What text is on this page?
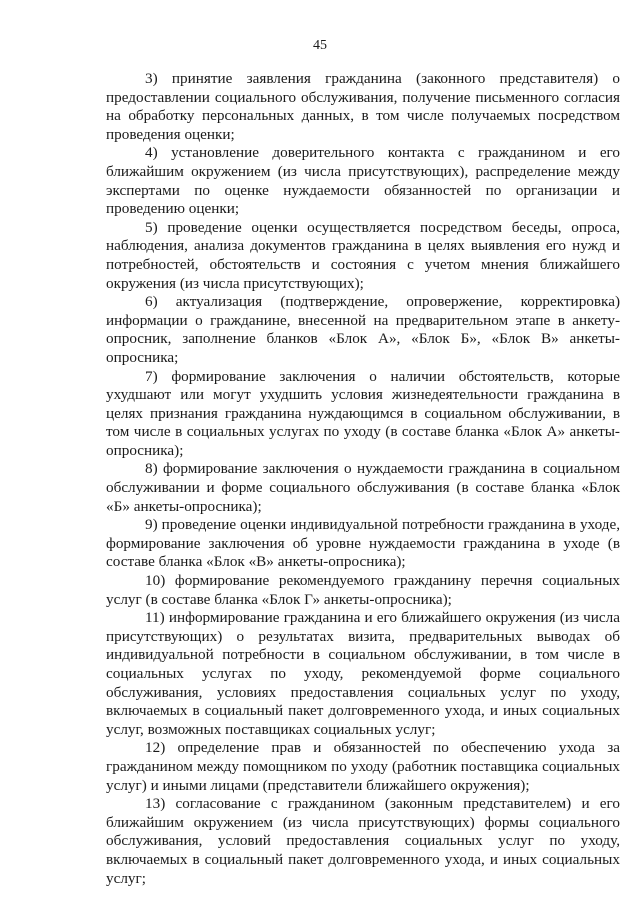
45

3) принятие заявления гражданина (законного представителя) о предоставлении социального обслуживания, получение письменного согласия на обработку персональных данных, в том числе получаемых посредством проведения оценки;

4) установление доверительного контакта с гражданином и его ближайшим окружением (из числа присутствующих), распределение между экспертами по оценке нуждаемости обязанностей по организации и проведению оценки;

5) проведение оценки осуществляется посредством беседы, опроса, наблюдения, анализа документов гражданина в целях выявления его нужд и потребностей, обстоятельств и состояния с учетом мнения ближайшего окружения (из числа присутствующих);

6) актуализация (подтверждение, опровержение, корректировка) информации о гражданине, внесенной на предварительном этапе в анкету-опросник, заполнение бланков «Блок А», «Блок Б», «Блок В» анкеты-опросника;

7) формирование заключения о наличии обстоятельств, которые ухудшают или могут ухудшить условия жизнедеятельности гражданина в целях признания гражданина нуждающимся в социальном обслуживании, в том числе в социальных услугах по уходу (в составе бланка «Блок А» анкеты-опросника);

8) формирование заключения о нуждаемости гражданина в социальном обслуживании и форме социального обслуживания (в составе бланка «Блок «Б» анкеты-опросника);

9) проведение оценки индивидуальной потребности гражданина в уходе, формирование заключения об уровне нуждаемости гражданина в уходе (в составе бланка «Блок «В» анкеты-опросника);

10) формирование рекомендуемого гражданину перечня социальных услуг (в составе бланка «Блок Г» анкеты-опросника);

11) информирование гражданина и его ближайшего окружения (из числа присутствующих) о результатах визита, предварительных выводах об индивидуальной потребности в социальном обслуживании, в том числе в социальных услугах по уходу, рекомендуемой форме социального обслуживания, условиях предоставления социальных услуг по уходу, включаемых в социальный пакет долговременного ухода, и иных социальных услуг, возможных поставщиках социальных услуг;

12) определение прав и обязанностей по обеспечению ухода за гражданином между помощником по уходу (работник поставщика социальных услуг) и иными лицами (представители ближайшего окружения);

13) согласование с гражданином (законным представителем) и его ближайшим окружением (из числа присутствующих) формы социального обслуживания, условий предоставления социальных услуг по уходу, включаемых в социальный пакет долговременного ухода, и иных социальных услуг;
